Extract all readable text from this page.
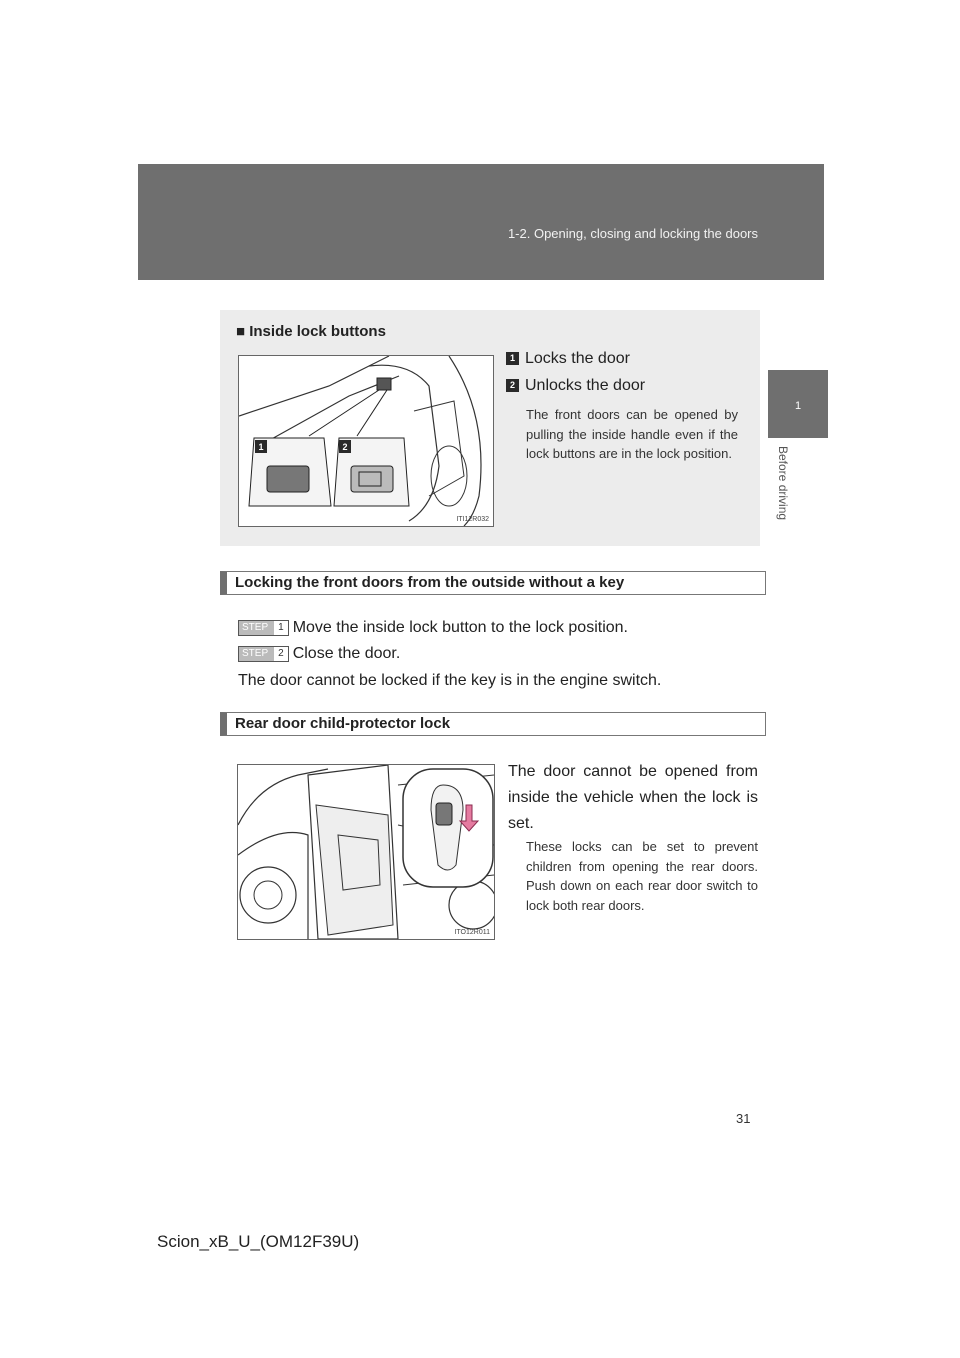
1-2. Opening, closing and locking the doors
1
Before driving
■ Inside lock buttons
1	2
ITI12R032
1 Locks the door
2 Unlocks the door
The front doors can be opened by pulling the inside handle even if the lock buttons are in the lock position.
Locking the front doors from the outside without a key
STEP 1 Move the inside lock button to the lock position.
STEP 2 Close the door.
The door cannot be locked if the key is in the engine switch.
Rear door child-protector lock
ITO12R011
The door cannot be opened from inside the vehicle when the lock is set.
These locks can be set to prevent children from opening the rear doors. Push down on each rear door switch to lock both rear doors.
31
Scion_xB_U_(OM12F39U)
